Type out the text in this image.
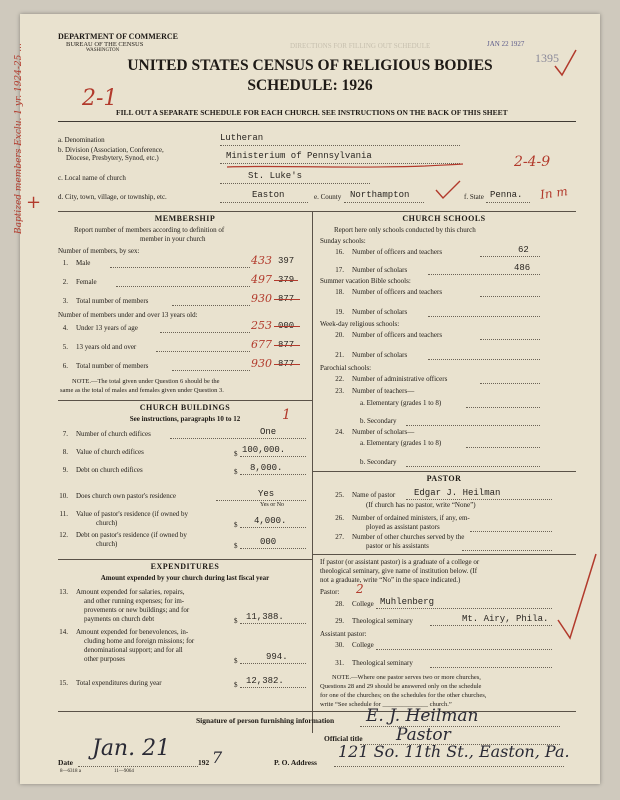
DEPARTMENT OF COMMERCE
BUREAU OF THE CENSUS
WASHINGTON
DIRECTIONS FOR FILLING OUT SCHEDULE	JAN 22 1927
1395
UNITED STATES CENSUS OF RELIGIOUS BODIES
SCHEDULE: 1926
2-1
FILL OUT A SEPARATE SCHEDULE FOR EACH CHURCH. SEE INSTRUCTIONS ON THE BACK OF THIS SHEET
a. Denomination	Lutheran
b. Division (Association, Conference,
Diocese, Presbytery, Synod, etc.)	Ministerium of Pennsylvania	2-4-9
c. Local name of church	St. Luke's
d. City, town, village, or township, etc.	Easton	e. County Northampton	f. State Penna. In m
MEMBERSHIP
Report number of members according to definition of
member in your church
Number of members, by sex:
1. Male	433 397
2. Female	497 379
3. Total number of members	930 877
Number of members under and over 13 years old:
4. Under 13 years of age	253 000
5. 13 years old and over	677 877
6. Total number of members	930 877
NOTE.—The total given under Question 6 should be the
same as the total of males and females given under Question 3.
Baptized members Exclu. 1 yr. 1924-25 ... +
CHURCH BUILDINGS
See instructions, paragraphs 10 to 12	1
7. Number of church edifices	One
8. Value of church edifices	$ 100,000.
9. Debt on church edifices	$ 8,000.
10. Does church own pastor's residence	Yes
Yes or No
11. Value of pastor's residence (if owned by
church)	$ 4,000.
12. Debt on pastor's residence (if owned by
church)	$	000
EXPENDITURES
Amount expended by your church during last fiscal year
13. Amount expended for salaries, repairs,
and other running expenses; for im-
provements or new buildings; and for
payments on church debt	$ 11,388.
14. Amount expended for benevolences, in-
cluding home and foreign missions; for
denominational support; and for all
other purposes	$	994.
15. Total expenditures during year	$ 12,382.
CHURCH SCHOOLS
Report here only schools conducted by this church
Sunday schools:
16. Number of officers and teachers	62
17. Number of scholars	486
Summer vacation Bible schools:
18. Number of officers and teachers
19. Number of scholars
Week-day religious schools:
20. Number of officers and teachers
21. Number of scholars
Parochial schools:
22. Number of administrative officers
23. Number of teachers—
a. Elementary (grades 1 to 8)
b. Secondary
24. Number of scholars—
a. Elementary (grades 1 to 8)
b. Secondary
PASTOR
25. Name of pastor Edgar J. Heilman
(If church has no pastor, write “None”)
26. Number of ordained ministers, if any, em-
ployed as assistant pastors
27. Number of other churches served by the
pastor or his assistants
If pastor (or assistant pastor) is a graduate of a college or
theological seminary, give name of institution below. (If
not a graduate, write “No” in the space indicated.)
Pastor: 2
28. College Muhlenberg
29. Theological seminary	Mt. Airy, Phila.
Assistant pastor:
30. College
31. Theological seminary
NOTE.—Where one pastor serves two or more churches,
Questions 28 and 29 should be answered only on the schedule
for one of the churches; on the schedules for the other churches,
write “See schedule for ______________ church.”
Signature of person furnishing information E. J. Heilman
Official title Pastor
Date
Jan. 21
192 7	P. O. Address
121 So. 11th St., Easton, Pa.
8—6318 a	11—9064
